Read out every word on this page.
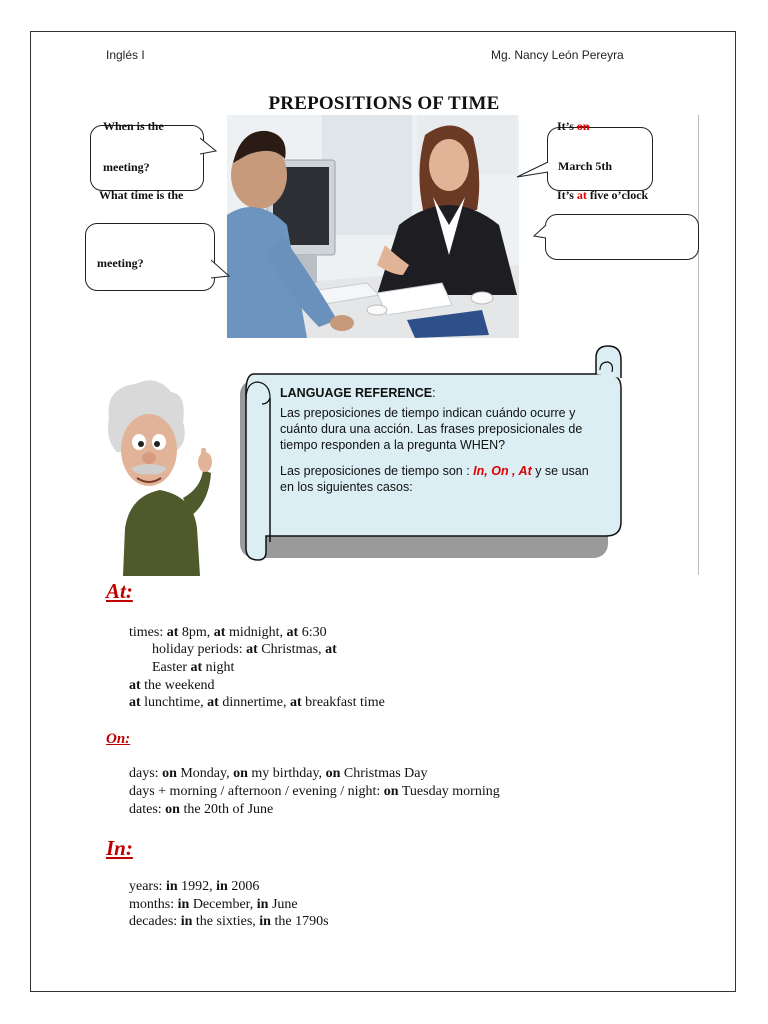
Inglés I	Mg. Nancy León Pereyra
PREPOSITIONS OF TIME
When is the
meeting?
What time is the
meeting?
It’s on
March 5th
It’s at five o’clock
LANGUAGE REFERENCE:
Las preposiciones de tiempo indican cuándo ocurre y cuánto dura una acción. Las frases preposicionales de tiempo responden a la pregunta WHEN?
Las preposiciones de tiempo son : In, On , At y se usan en los siguientes casos:
At:
times: at 8pm, at midnight, at 6:30
holiday periods: at Christmas, at
Easter at night
at the weekend
at lunchtime, at dinnertime, at breakfast time
On:
days: on Monday, on my birthday, on Christmas Day
days + morning / afternoon / evening / night: on Tuesday morning
dates: on the 20th of June
In:
years: in 1992, in 2006
months: in December, in June
decades: in the sixties, in the 1790s
